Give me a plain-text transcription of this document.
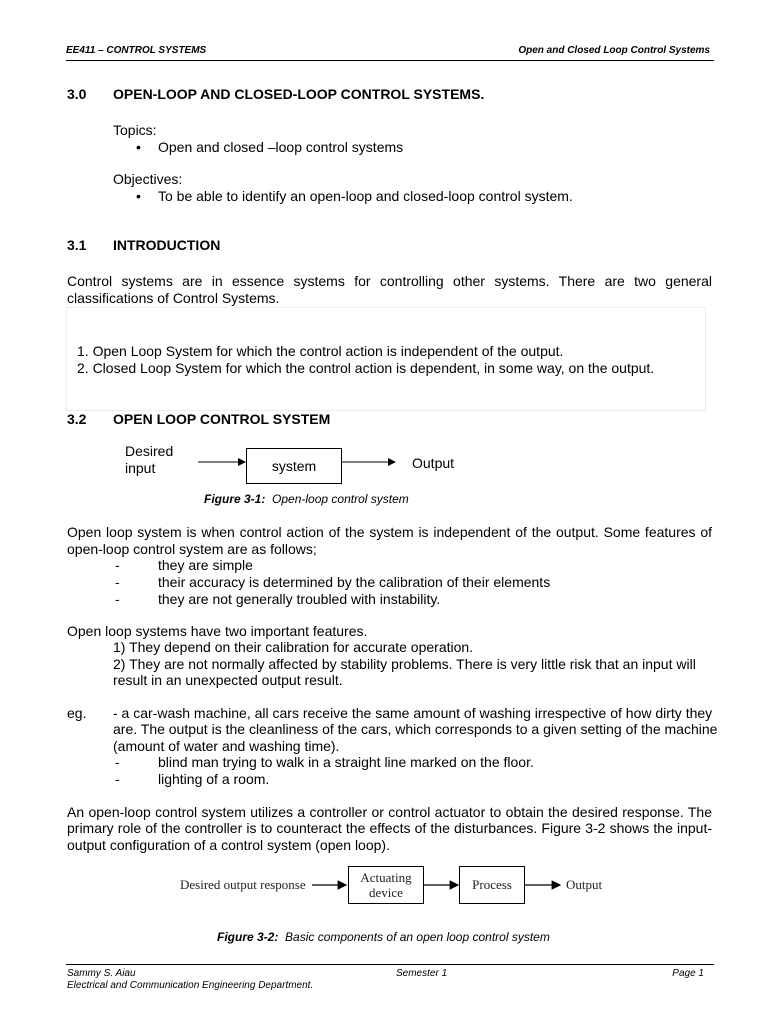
EE411 – CONTROL SYSTEMS	Open and Closed Loop Control Systems
3.0 OPEN-LOOP AND CLOSED-LOOP CONTROL SYSTEMS.
Topics:
• Open and closed –loop control systems
Objectives:
• To be able to identify an open-loop and closed-loop control system.
3.1 INTRODUCTION
Control systems are in essence systems for controlling other systems. There are two general
classifications of Control Systems.
1. Open Loop System for which the control action is independent of the output.
2. Closed Loop System for which the control action is dependent, in some way, on the output.
3.2 OPEN LOOP CONTROL SYSTEM
Desired
input	system	Output
Figure 3-1: Open-loop control system
Open loop system is when control action of the system is independent of the output. Some features of
open-loop control system are as follows;
-	they are simple
-	their accuracy is determined by the calibration of their elements
-	they are not generally troubled with instability.
Open loop systems have two important features.
1) They depend on their calibration for accurate operation.
2) They are not normally affected by stability problems. There is very little risk that an input will
result in an unexpected output result.
eg. - a car-wash machine, all cars receive the same amount of washing irrespective of how dirty they
are. The output is the cleanliness of the cars, which corresponds to a given setting of the machine
(amount of water and washing time).
-	blind man trying to walk in a straight line marked on the floor.
-	lighting of a room.
An open-loop control system utilizes a controller or control actuator to obtain the desired response. The
primary role of the controller is to counteract the effects of the disturbances. Figure 3-2 shows the input-
output configuration of a control system (open loop).
Desired output response	Actuating
device
Process	Output
Figure 3-2: Basic components of an open loop control system
Sammy S. Aiau	Semester 1	Page 1
Electrical and Communication Engineering Department.
